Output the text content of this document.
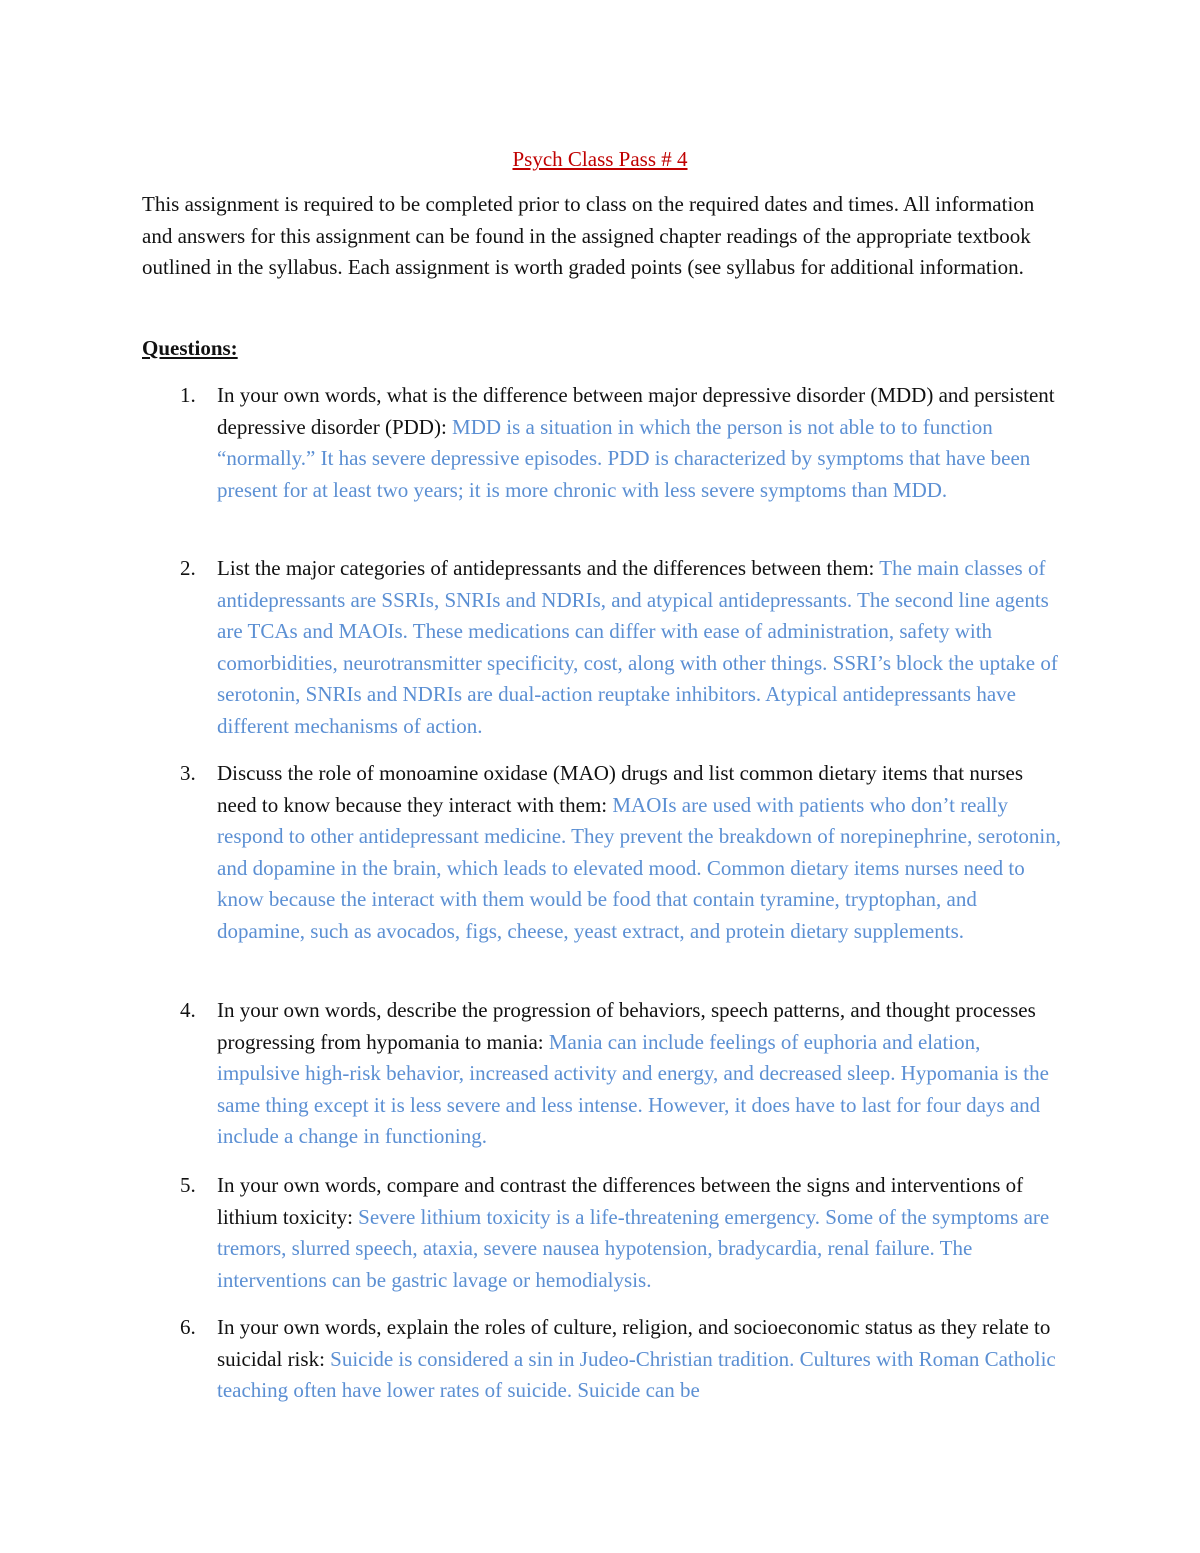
Psych Class Pass # 4

This assignment is required to be completed prior to class on the required dates and times. All information and answers for this assignment can be found in the assigned chapter readings of the appropriate textbook outlined in the syllabus. Each assignment is worth graded points (see syllabus for additional information.

Questions:

1. In your own words, what is the difference between major depressive disorder (MDD) and persistent depressive disorder (PDD): MDD is a situation in which the person is not able to to function “normally.” It has severe depressive episodes. PDD is characterized by symptoms that have been present for at least two years; it is more chronic with less severe symptoms than MDD.
2. List the major categories of antidepressants and the differences between them: The main classes of antidepressants are SSRIs, SNRIs and NDRIs, and atypical antidepressants. The second line agents are TCAs and MAOIs. These medications can differ with ease of administration, safety with comorbidities, neurotransmitter specificity, cost, along with other things. SSRI’s block the uptake of serotonin, SNRIs and NDRIs are dual-action reuptake inhibitors. Atypical antidepressants have different mechanisms of action.
3. Discuss the role of monoamine oxidase (MAO) drugs and list common dietary items that nurses need to know because they interact with them: MAOIs are used with patients who don’t really respond to other antidepressant medicine. They prevent the breakdown of norepinephrine, serotonin, and dopamine in the brain, which leads to elevated mood. Common dietary items nurses need to know because the interact with them would be food that contain tyramine, tryptophan, and dopamine, such as avocados, figs, cheese, yeast extract, and protein dietary supplements.
4. In your own words, describe the progression of behaviors, speech patterns, and thought processes progressing from hypomania to mania: Mania can include feelings of euphoria and elation, impulsive high-risk behavior, increased activity and energy, and decreased sleep. Hypomania is the same thing except it is less severe and less intense. However, it does have to last for four days and include a change in functioning.
5. In your own words, compare and contrast the differences between the signs and interventions of lithium toxicity: Severe lithium toxicity is a life-threatening emergency. Some of the symptoms are tremors, slurred speech, ataxia, severe nausea hypotension, bradycardia, renal failure. The interventions can be gastric lavage or hemodialysis.
6. In your own words, explain the roles of culture, religion, and socioeconomic status as they relate to suicidal risk: Suicide is considered a sin in Judeo-Christian tradition. Cultures with Roman Catholic teaching often have lower rates of suicide. Suicide can be
